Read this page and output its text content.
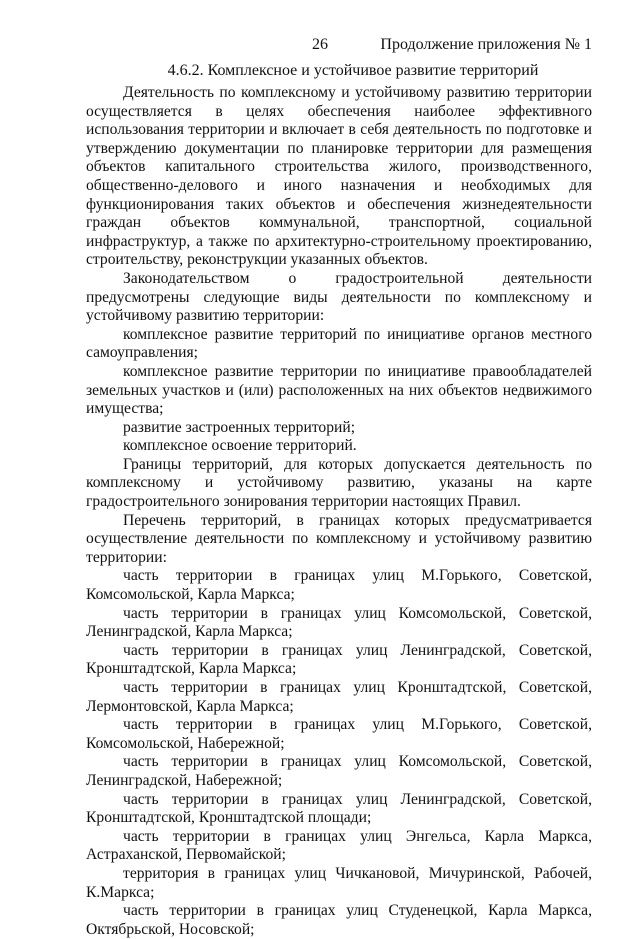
26	Продолжение приложения № 1
4.6.2. Комплексное и устойчивое развитие территорий

Деятельность по комплексному и устойчивому развитию территории осуществляется в целях обеспечения наиболее эффективного использования территории и включает в себя деятельность по подготовке и утверждению документации по планировке территории для размещения объектов капитального строительства жилого, производственного, общественно-делового и иного назначения и необходимых для функционирования таких объектов и обеспечения жизнедеятельности граждан объектов коммунальной, транспортной, социальной инфраструктур, а также по архитектурно-строительному проектированию, строительству, реконструкции указанных объектов.

Законодательством о градостроительной деятельности предусмотрены следующие виды деятельности по комплексному и устойчивому развитию территории:

комплексное развитие территорий по инициативе органов местного самоуправления;

комплексное развитие территории по инициативе правообладателей земельных участков и (или) расположенных на них объектов недвижимого имущества;

развитие застроенных территорий;

комплексное освоение территорий.

Границы территорий, для которых допускается деятельность по комплексному и устойчивому развитию, указаны на карте градостроительного зонирования территории настоящих Правил.

Перечень территорий, в границах которых предусматривается осуществление деятельности по комплексному и устойчивому развитию территории:

часть территории в границах улиц М.Горького, Советской, Комсомольской, Карла Маркса;

часть территории в границах улиц Комсомольской, Советской, Ленинградской, Карла Маркса;

часть территории в границах улиц Ленинградской, Советской, Кронштадтской, Карла Маркса;

часть территории в границах улиц Кронштадтской, Советской, Лермонтовской, Карла Маркса;

часть территории в границах улиц М.Горького, Советской, Комсомольской, Набережной;

часть территории в границах улиц Комсомольской, Советской, Ленинградской, Набережной;

часть территории в границах улиц Ленинградской, Советской, Кронштадтской, Кронштадтской площади;

часть территории в границах улиц Энгельса, Карла Маркса, Астраханской, Первомайской;

территория в границах улиц Чичкановой, Мичуринской, Рабочей, К.Маркса;

часть территории в границах улиц Студенецкой, Карла Маркса, Октябрьской, Носовской;
